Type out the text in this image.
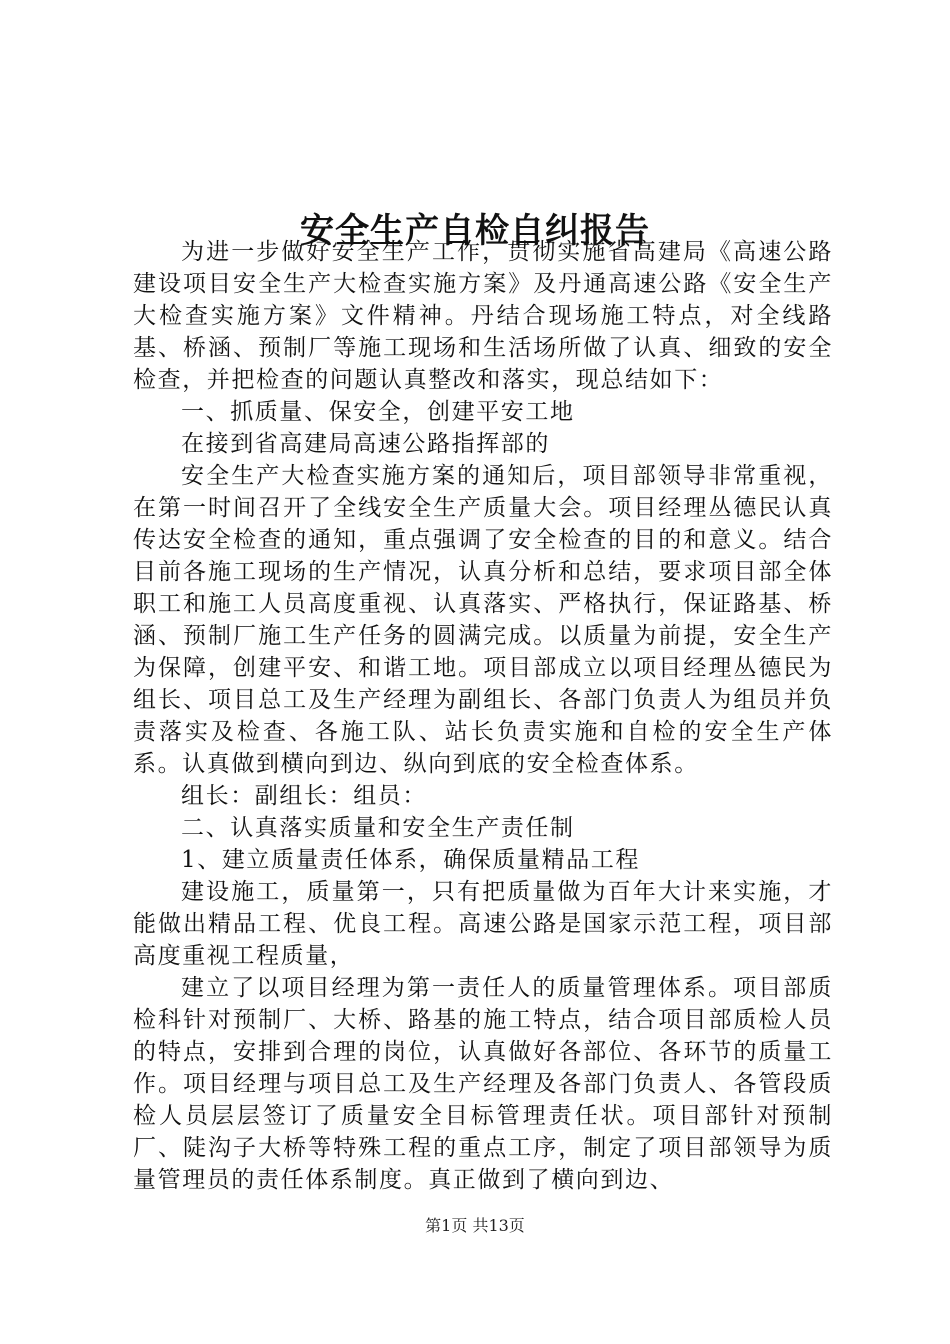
安全生产自检自纠报告

为进一步做好安全生产工作，贯彻实施省高建局《高速公路建设项目安全生产大检查实施方案》及丹通高速公路《安全生产大检查实施方案》文件精神。丹结合现场施工特点，对全线路基、桥涵、预制厂等施工现场和生活场所做了认真、细致的安全检查，并把检查的问题认真整改和落实，现总结如下：

一、抓质量、保安全，创建平安工地

在接到省高建局高速公路指挥部的

安全生产大检查实施方案的通知后，项目部领导非常重视，在第一时间召开了全线安全生产质量大会。项目经理丛德民认真传达安全检查的通知，重点强调了安全检查的目的和意义。结合目前各施工现场的生产情况，认真分析和总结，要求项目部全体职工和施工人员高度重视、认真落实、严格执行，保证路基、桥涵、预制厂施工生产任务的圆满完成。以质量为前提，安全生产为保障，创建平安、和谐工地。项目部成立以项目经理丛德民为组长、项目总工及生产经理为副组长、各部门负责人为组员并负责落实及检查、各施工队、站长负责实施和自检的安全生产体系。认真做到横向到边、纵向到底的安全检查体系。

组长：副组长：组员：

二、认真落实质量和安全生产责任制

1、建立质量责任体系，确保质量精品工程

建设施工，质量第一，只有把质量做为百年大计来实施，才能做出精品工程、优良工程。高速公路是国家示范工程，项目部高度重视工程质量，

建立了以项目经理为第一责任人的质量管理体系。项目部质检科针对预制厂、大桥、路基的施工特点，结合项目部质检人员的特点，安排到合理的岗位，认真做好各部位、各环节的质量工作。项目经理与项目总工及生产经理及各部门负责人、各管段质检人员层层签订了质量安全目标管理责任状。项目部针对预制厂、陡沟子大桥等特殊工程的重点工序，制定了项目部领导为质量管理员的责任体系制度。真正做到了横向到边、

第1页 共13页
